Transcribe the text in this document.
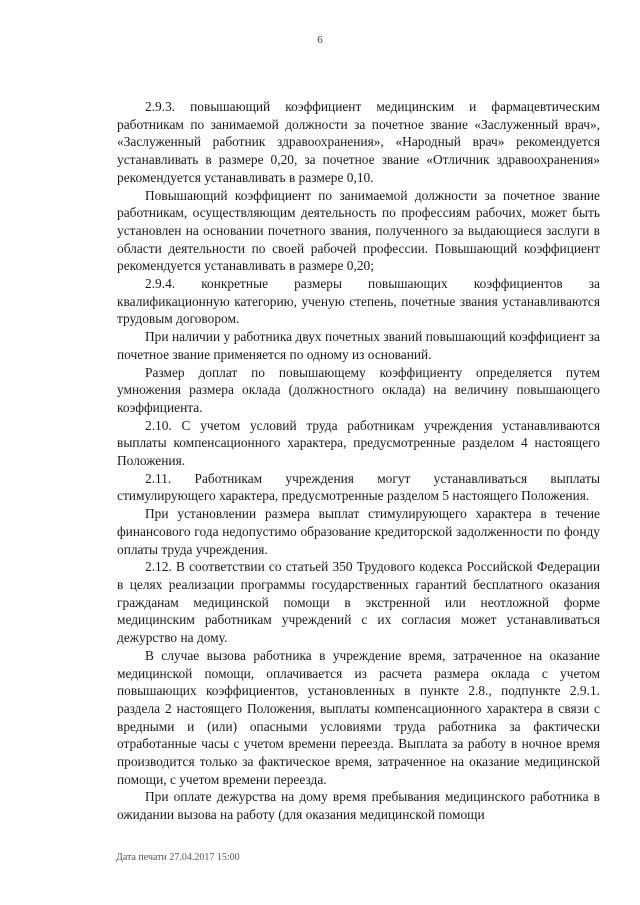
6

2.9.3. повышающий коэффициент медицинским и фармацевтическим работникам по занимаемой должности за почетное звание «Заслуженный врач», «Заслуженный работник здравоохранения», «Народный врач» рекомендуется устанавливать в размере 0,20, за почетное звание «Отличник здравоохранения» рекомендуется устанавливать в размере 0,10.

Повышающий коэффициент по занимаемой должности за почетное звание работникам, осуществляющим деятельность по профессиям рабочих, может быть установлен на основании почетного звания, полученного за выдающиеся заслуги в области деятельности по своей рабочей профессии. Повышающий коэффициент рекомендуется устанавливать в размере 0,20;

2.9.4. конкретные размеры повышающих коэффициентов за квалификационную категорию, ученую степень, почетные звания устанавливаются трудовым договором.

При наличии у работника двух почетных званий повышающий коэффициент за почетное звание применяется по одному из оснований.

Размер доплат по повышающему коэффициенту определяется путем умножения размера оклада (должностного оклада) на величину повышающего коэффициента.

2.10. С учетом условий труда работникам учреждения устанавливаются выплаты компенсационного характера, предусмотренные разделом 4 настоящего Положения.

2.11. Работникам учреждения могут устанавливаться выплаты стимулирующего характера, предусмотренные разделом 5 настоящего Положения.

При установлении размера выплат стимулирующего характера в течение финансового года недопустимо образование кредиторской задолженности по фонду оплаты труда учреждения.

2.12. В соответствии со статьей 350 Трудового кодекса Российской Федерации в целях реализации программы государственных гарантий бесплатного оказания гражданам медицинской помощи в экстренной или неотложной форме медицинским работникам учреждений с их согласия может устанавливаться дежурство на дому.

В случае вызова работника в учреждение время, затраченное на оказание медицинской помощи, оплачивается из расчета размера оклада с учетом повышающих коэффициентов, установленных в пункте 2.8., подпункте 2.9.1. раздела 2 настоящего Положения, выплаты компенсационного характера в связи с вредными и (или) опасными условиями труда работника за фактически отработанные часы с учетом времени переезда. Выплата за работу в ночное время производится только за фактическое время, затраченное на оказание медицинской помощи, с учетом времени переезда.

При оплате дежурства на дому время пребывания медицинского работника в ожидании вызова на работу (для оказания медицинской помощи

Дата печати 27.04.2017 15:00
